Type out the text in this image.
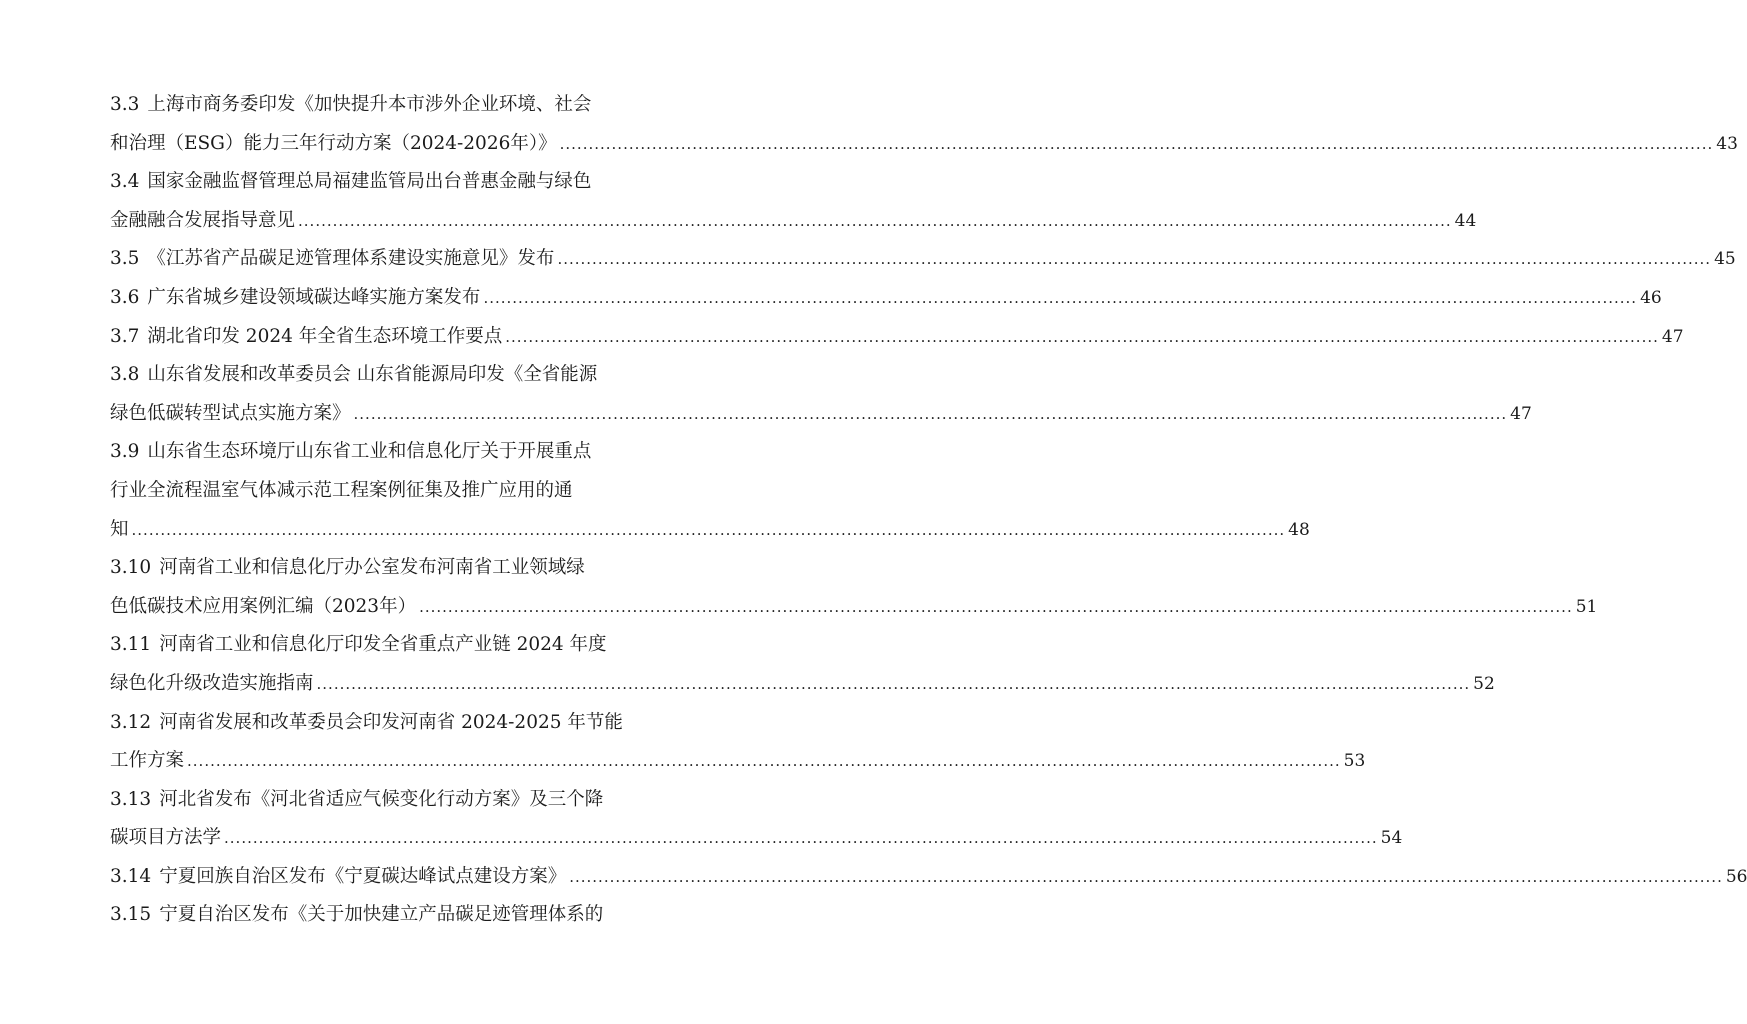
3.3 上海市商务委印发《加快提升本市涉外企业环境、社会
和治理（ESG）能力三年行动方案（2024-2026年）》 .....	43
3.4 国家金融监督管理总局福建监管局出台普惠金融与绿色
金融融合发展指导意见 .....	44
3.5 《江苏省产品碳足迹管理体系建设实施意见》发布 .....	45
3.6 广东省城乡建设领域碳达峰实施方案发布 .....	46
3.7 湖北省印发 2024 年全省生态环境工作要点 .....	47
3.8 山东省发展和改革委员会 山东省能源局印发《全省能源
绿色低碳转型试点实施方案》 .....	47
3.9 山东省生态环境厅山东省工业和信息化厅关于开展重点
行业全流程温室气体减示范工程案例征集及推广应用的通
知 .....	48
3.10 河南省工业和信息化厅办公室发布河南省工业领域绿
色低碳技术应用案例汇编（2023年） .....	51
3.11 河南省工业和信息化厅印发全省重点产业链 2024 年度
绿色化升级改造实施指南 .....	52
3.12 河南省发展和改革委员会印发河南省 2024-2025 年节能
工作方案 .....	53
3.13 河北省发布《河北省适应气候变化行动方案》及三个降
碳项目方法学 .....	54
3.14 宁夏回族自治区发布《宁夏碳达峰试点建设方案》 .....	56
3.15 宁夏自治区发布《关于加快建立产品碳足迹管理体系的
